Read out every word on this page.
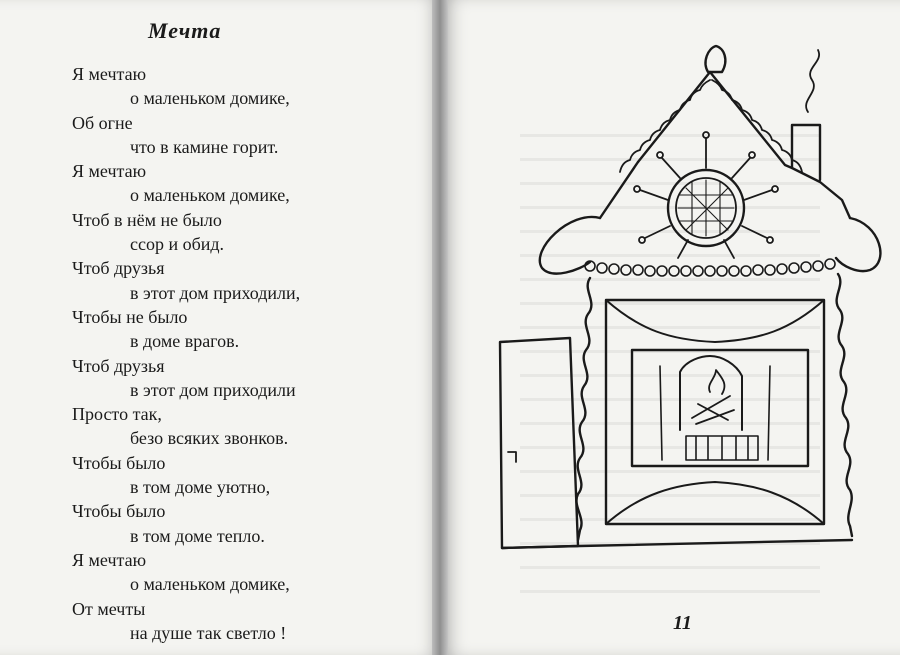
Мечта
Я мечтаю
о маленьком домике,
Об огне
что в камине горит.
Я мечтаю
о маленьком домике,
Чтоб в нём не было
ссор и обид.
Чтоб друзья
в этот дом приходили,
Чтобы не было
в доме врагов.
Чтоб друзья
в этот дом приходили
Просто так,
безо всяких звонков.
Чтобы было
в том доме уютно,
Чтобы было
в том доме тепло.
Я мечтаю
о маленьком домике,
От мечты
на душе так светло !	11
